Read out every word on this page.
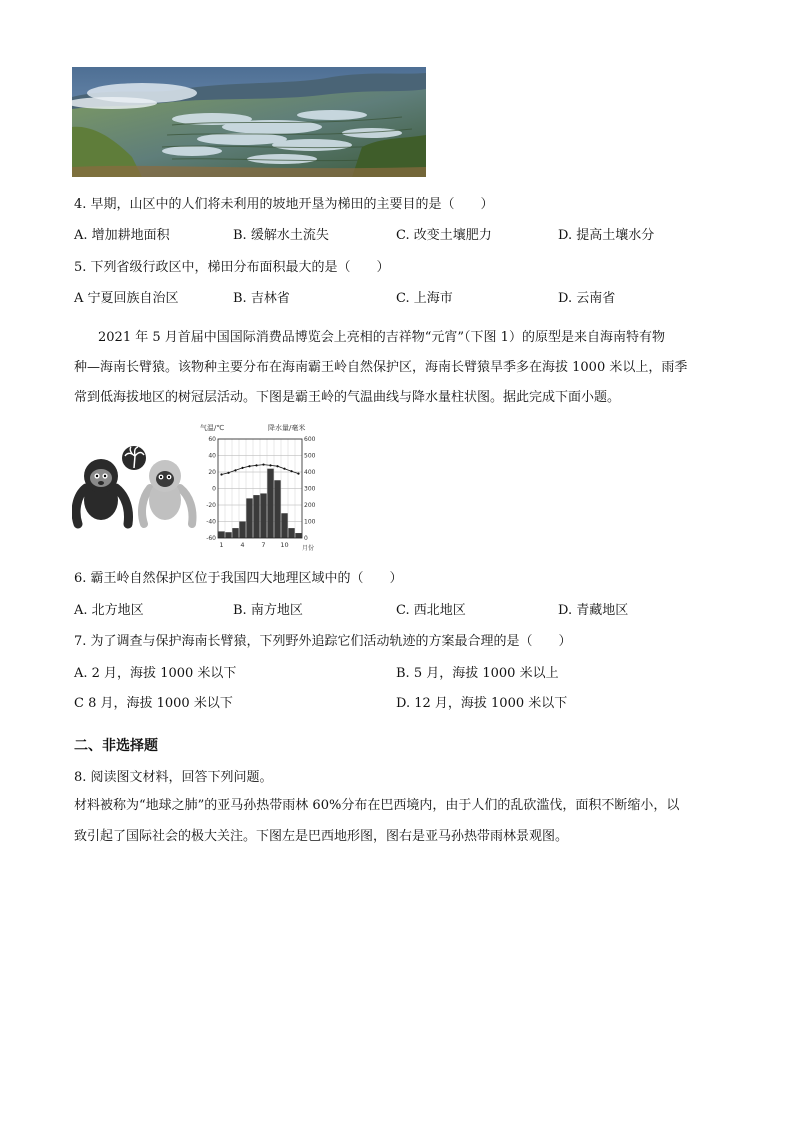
4. 早期，山区中的人们将未利用的坡地开垦为梯田的主要目的是（　　）
A. 增加耕地面积	B. 缓解水土流失	C. 改变土壤肥力	D. 提高土壤水分
5. 下列省级行政区中，梯田分布面积最大的是（　　）
A 宁夏回族自治区	B. 吉林省	C. 上海市	D. 云南省
2021 年 5 月首届中国国际消费品博览会上亮相的吉祥物“元宵”（下图 1）的原型是来自海南特有物
种—海南长臂猿。该物种主要分布在海南霸王岭自然保护区，海南长臂猿旱季多在海拔 1000 米以上，雨季
常到低海拔地区的树冠层活动。下图是霸王岭的气温曲线与降水量柱状图。据此完成下面小题。
气温/℃	降水量/毫米
60
40
20
0
-20
-40
-60
600
500
400
300
200
100
0
1	4	7 10 月份
6. 霸王岭自然保护区位于我国四大地理区域中的（　　）
A. 北方地区	B. 南方地区	C. 西北地区	D. 青藏地区
7. 为了调查与保护海南长臂猿，下列野外追踪它们活动轨迹的方案最合理的是（　　）
A. 2 月，海拔 1000 米以下	B. 5 月，海拔 1000 米以上
C 8 月，海拔 1000 米以下	D. 12 月，海拔 1000 米以下
二、非选择题
8. 阅读图文材料，回答下列问题。
材料被称为“地球之肺”的亚马孙热带雨林 60%分布在巴西境内，由于人们的乱砍滥伐，面积不断缩小，以
致引起了国际社会的极大关注。下图左是巴西地形图，图右是亚马孙热带雨林景观图。
